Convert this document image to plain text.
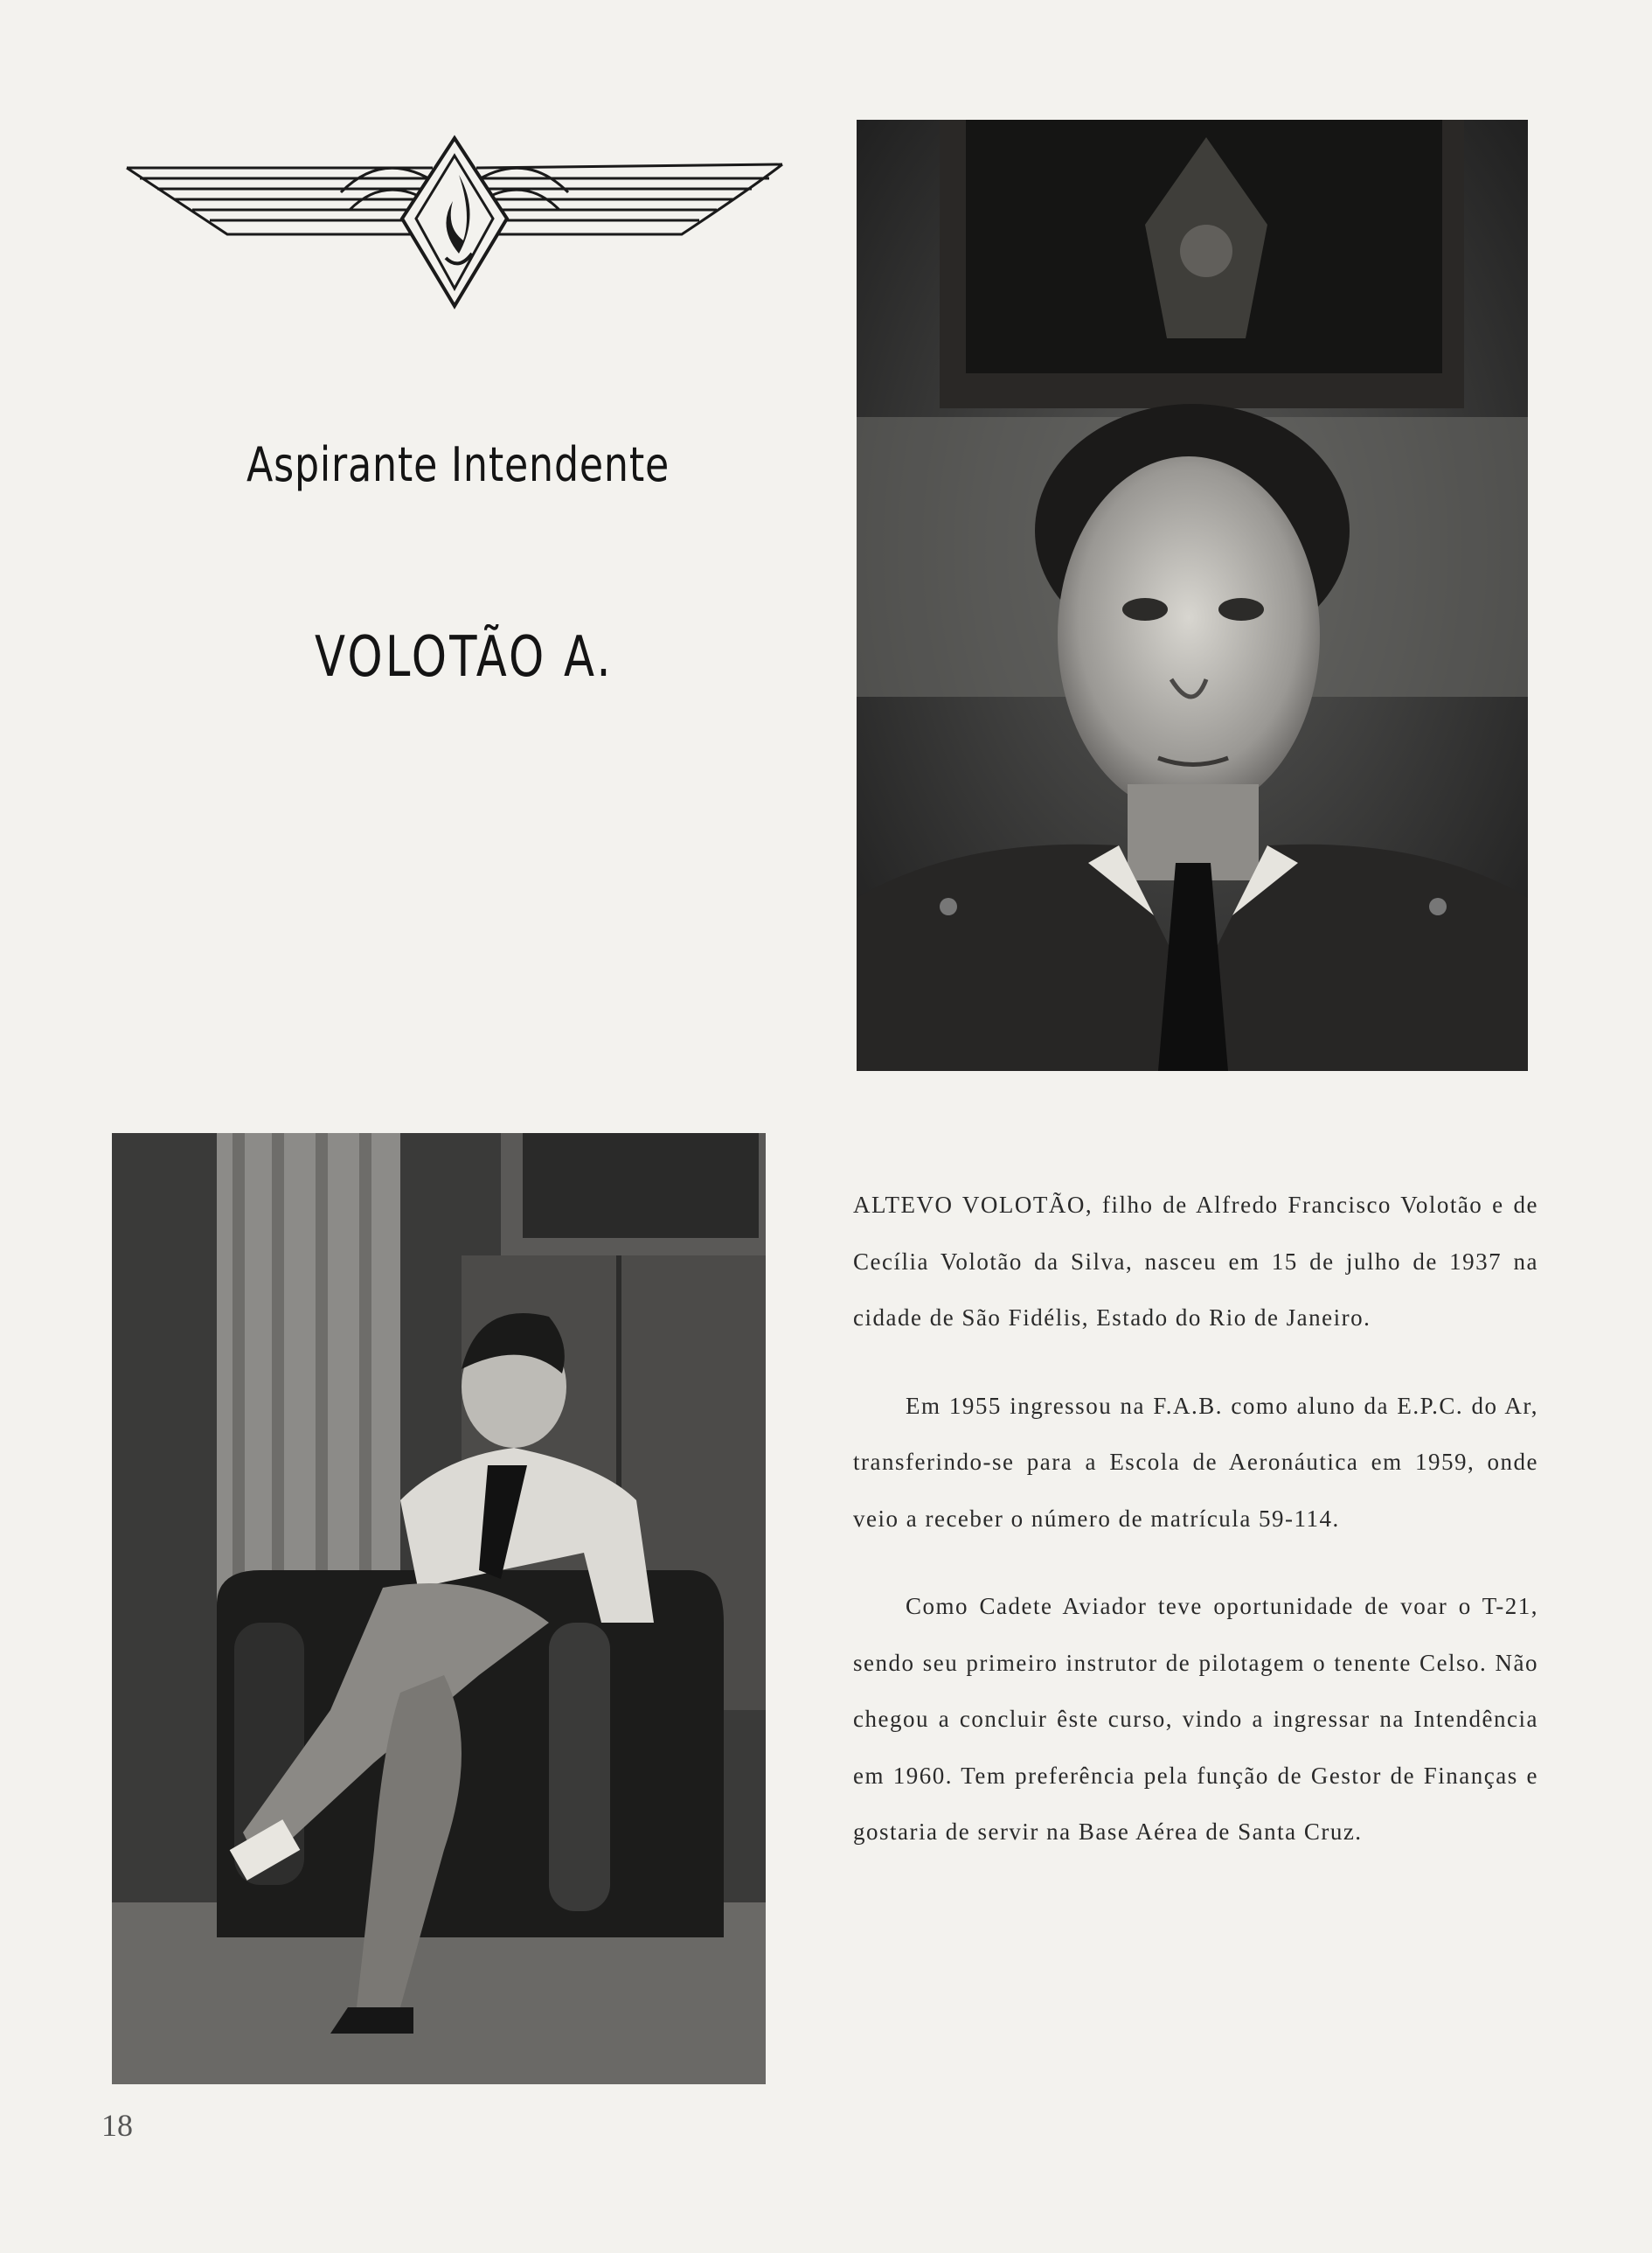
Aspirante Intendente
VOLOTÃO A.

ALTEVO VOLOTÃO, filho de Alfredo Francisco Volotão e de Cecília Volotão da Silva, nasceu em 15 de julho de 1937 na cidade de São Fidélis, Estado do Rio de Janeiro.

Em 1955 ingressou na F.A.B. como aluno da E.P.C. do Ar, transferindo-se para a Escola de Aeronáutica em 1959, onde veio a receber o número de matrícula 59-114.

Como Cadete Aviador teve oportunidade de voar o T-21, sendo seu primeiro instrutor de pilotagem o tenente Celso. Não chegou a concluir êste curso, vindo a ingressar na Intendência em 1960. Tem preferência pela função de Gestor de Finanças e gostaria de servir na Base Aérea de Santa Cruz.

18
